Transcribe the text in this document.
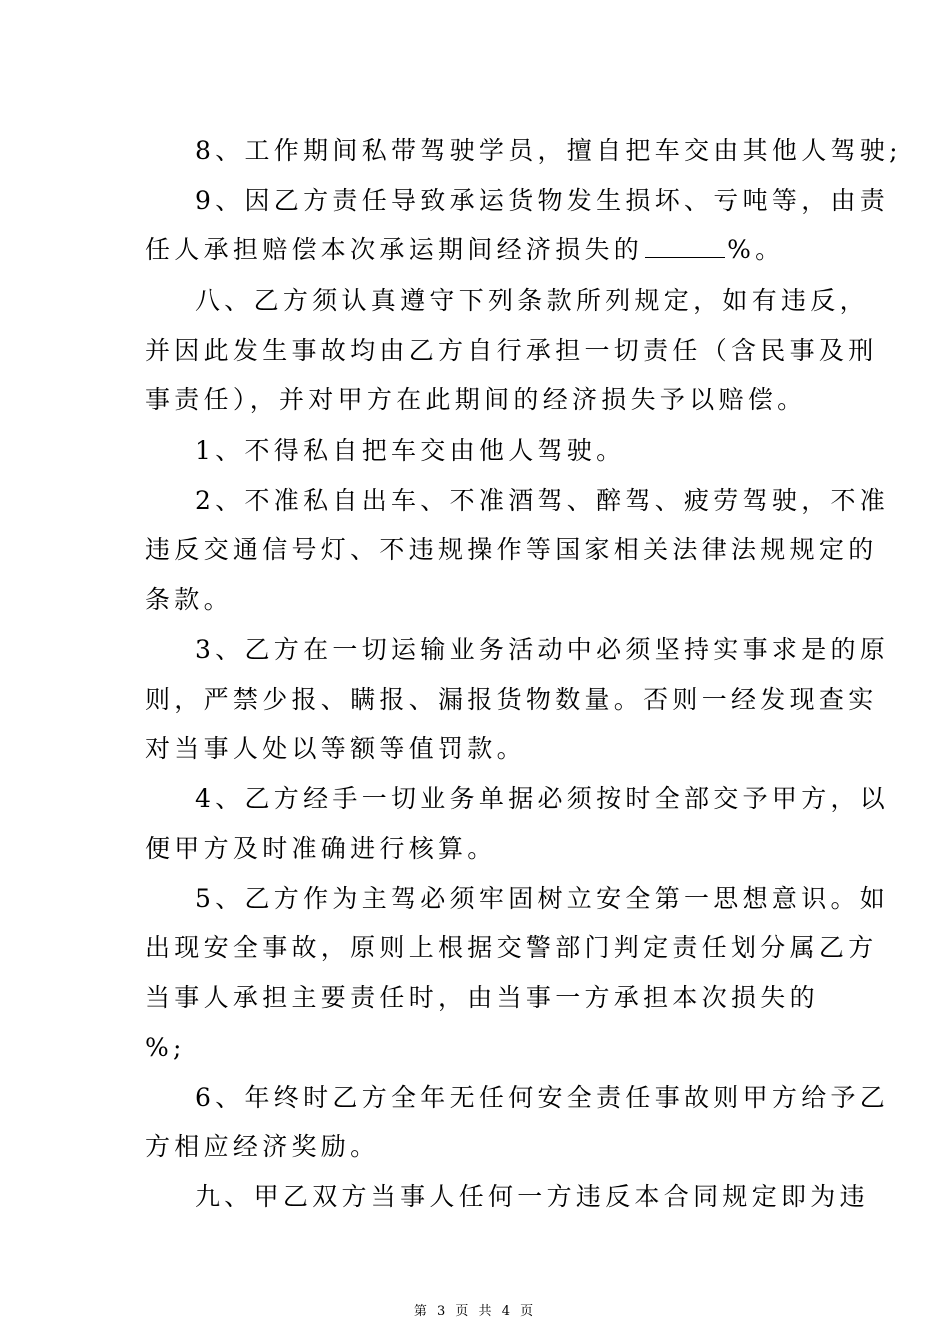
8、工作期间私带驾驶学员，擅自把车交由其他人驾驶;
9、因乙方责任导致承运货物发生损坏、亏吨等，由责
任人承担赔偿本次承运期间经济损失的	%。
八、乙方须认真遵守下列条款所列规定，如有违反，
并因此发生事故均由乙方自行承担一切责任（含民事及刑
事责任），并对甲方在此期间的经济损失予以赔偿。
1、不得私自把车交由他人驾驶。
2、不准私自出车、不准酒驾、醉驾、疲劳驾驶，不准
违反交通信号灯、不违规操作等国家相关法律法规规定的
条款。
3、乙方在一切运输业务活动中必须坚持实事求是的原
则，严禁少报、瞒报、漏报货物数量。否则一经发现查实
对当事人处以等额等值罚款。
4、乙方经手一切业务单据必须按时全部交予甲方，以
便甲方及时准确进行核算。
5、乙方作为主驾必须牢固树立安全第一思想意识。如
出现安全事故，原则上根据交警部门判定责任划分属乙方
当事人承担主要责任时，由当事一方承担本次损失的
%;
6、年终时乙方全年无任何安全责任事故则甲方给予乙
方相应经济奖励。
九、甲乙双方当事人任何一方违反本合同规定即为违
第 3 页 共 4 页
